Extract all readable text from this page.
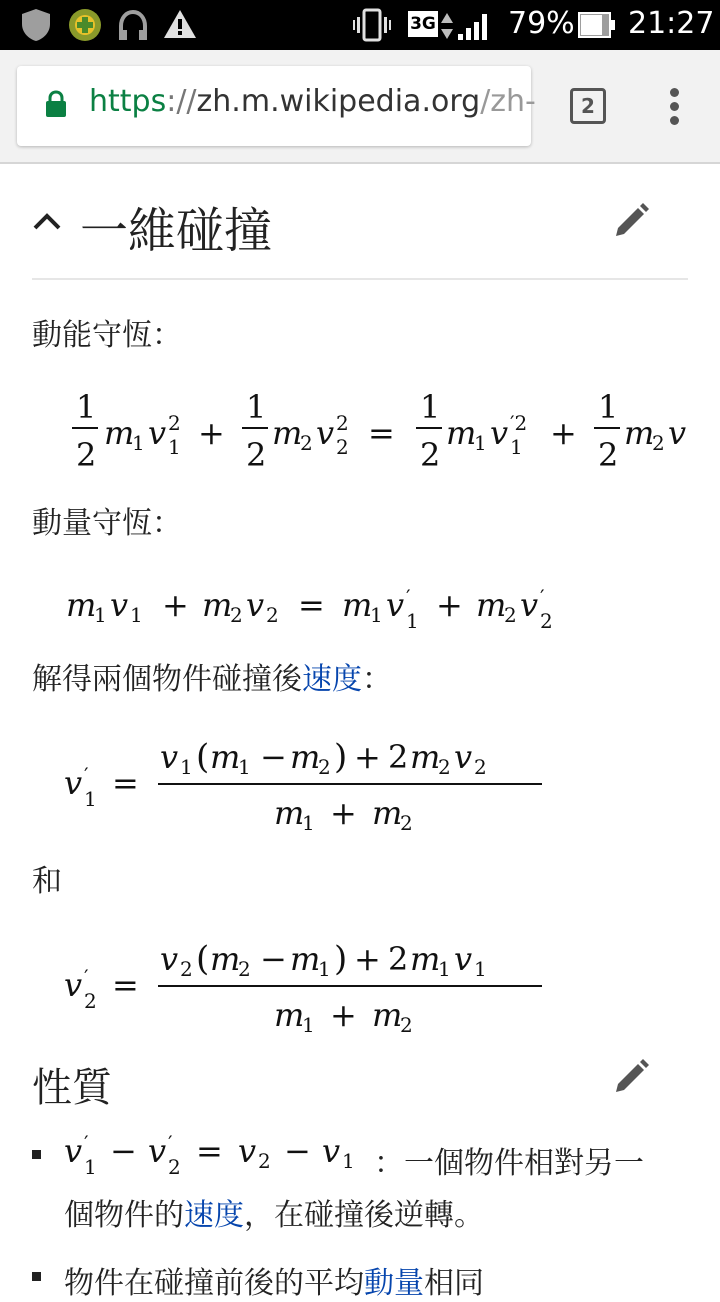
3G 79% 21:27
https://zh.m.wikipedia.org/zh-	2
一維碰撞
動能守恆：
1
2
m
1 v 2
1 +
1
2
m
2 v 2
2 =
1
2
m
1 v ′2
1 +
1
2
m
2 v
動量守恆：
m
1 v 1 + m
2 v 2 = m
1 v ′
1 + m
2 v ′
2
解得兩個物件碰撞後速度：
v ′
1 =
v 1 ( m
1 − m
2 ) + 2 m
2 v 2
m
1 + m
2
和
v ′
2 =
v 2 ( m
2 − m
1 ) + 2 m
1 v 1
m
1 + m
2
性質
v ′
1 − v ′
2 = v 2 − v 1 ：一個物件相對另一
個物件的速度，在碰撞後逆轉。
物件在碰撞前後的平均動量相同
